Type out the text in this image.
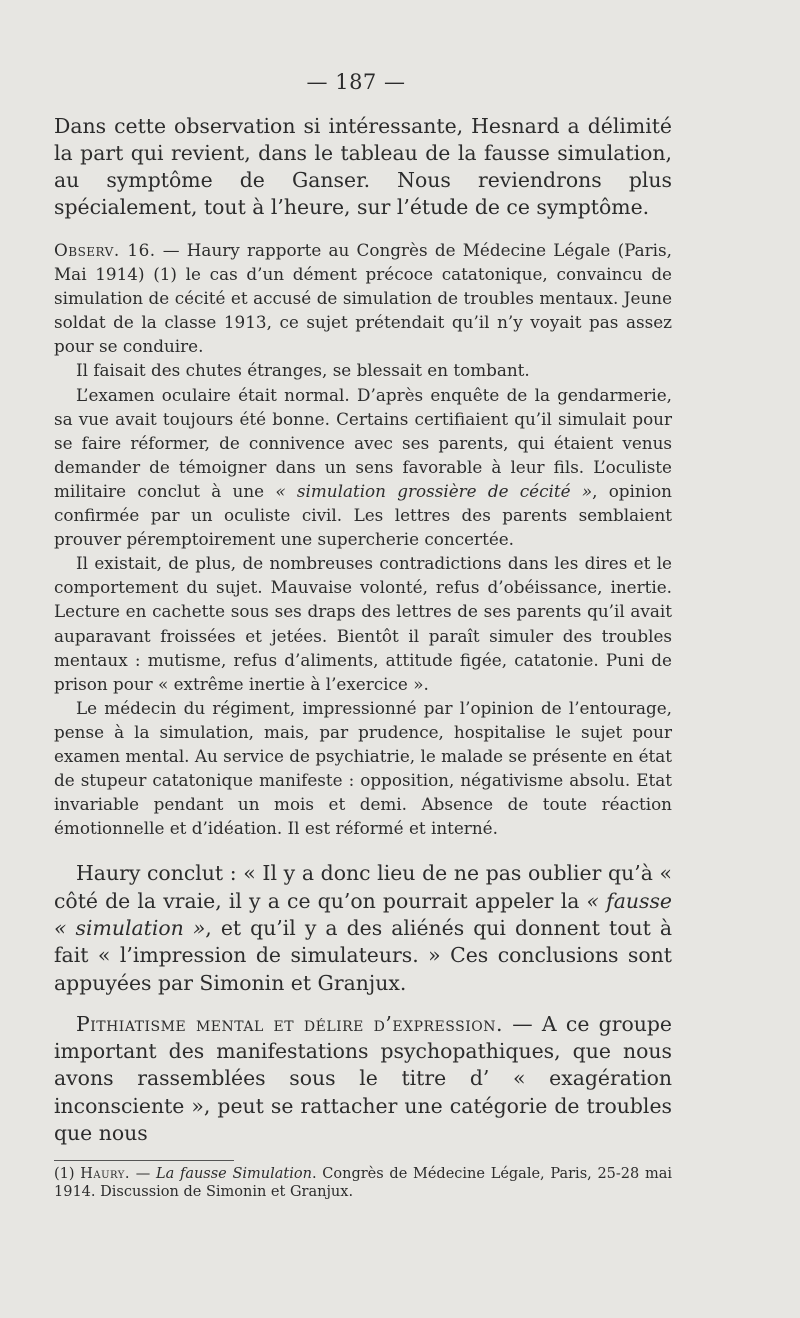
— 187 —

Dans cette observation si intéressante, Hesnard a délimité la part qui revient, dans le tableau de la fausse simulation, au symptôme de Ganser. Nous reviendrons plus spécialement, tout à l’heure, sur l’étude de ce symptôme.

Observ. 16. — Haury rapporte au Congrès de Médecine Légale (Paris, Mai 1914) (1) le cas d’un dément précoce catatonique, convaincu de simulation de cécité et accusé de simulation de troubles mentaux. Jeune soldat de la classe 1913, ce sujet prétendait qu’il n’y voyait pas assez pour se conduire.

Il faisait des chutes étranges, se blessait en tombant.

L’examen oculaire était normal. D’après enquête de la gendarmerie, sa vue avait toujours été bonne. Certains certifiaient qu’il simulait pour se faire réformer, de connivence avec ses parents, qui étaient venus demander de témoigner dans un sens favorable à leur fils. L’oculiste militaire conclut à une « simulation grossière de cécité », opinion confirmée par un oculiste civil. Les lettres des parents semblaient prouver péremptoirement une supercherie concertée.

Il existait, de plus, de nombreuses contradictions dans les dires et le comportement du sujet. Mauvaise volonté, refus d’obéissance, inertie. Lecture en cachette sous ses draps des lettres de ses parents qu’il avait auparavant froissées et jetées. Bientôt il paraît simuler des troubles mentaux : mutisme, refus d’aliments, attitude figée, catatonie. Puni de prison pour « extrême inertie à l’exercice ».

Le médecin du régiment, impressionné par l’opinion de l’entourage, pense à la simulation, mais, par prudence, hospitalise le sujet pour examen mental. Au service de psychiatrie, le malade se présente en état de stupeur catatonique manifeste : opposition, négativisme absolu. Etat invariable pendant un mois et demi. Absence de toute réaction émotionnelle et d’idéation. Il est réformé et interné.

Haury conclut : « Il y a donc lieu de ne pas oublier qu’à « côté de la vraie, il y a ce qu’on pourrait appeler la « fausse « simulation », et qu’il y a des aliénés qui donnent tout à fait « l’impression de simulateurs. » Ces conclusions sont appuyées par Simonin et Granjux.

Pithiatisme mental et délire d’expression. — A ce groupe important des manifestations psychopathiques, que nous avons rassemblées sous le titre d’ « exagération inconsciente », peut se rattacher une catégorie de troubles que nous

(1) Haury. — La fausse Simulation. Congrès de Médecine Légale, Paris, 25-28 mai 1914. Discussion de Simonin et Granjux.
